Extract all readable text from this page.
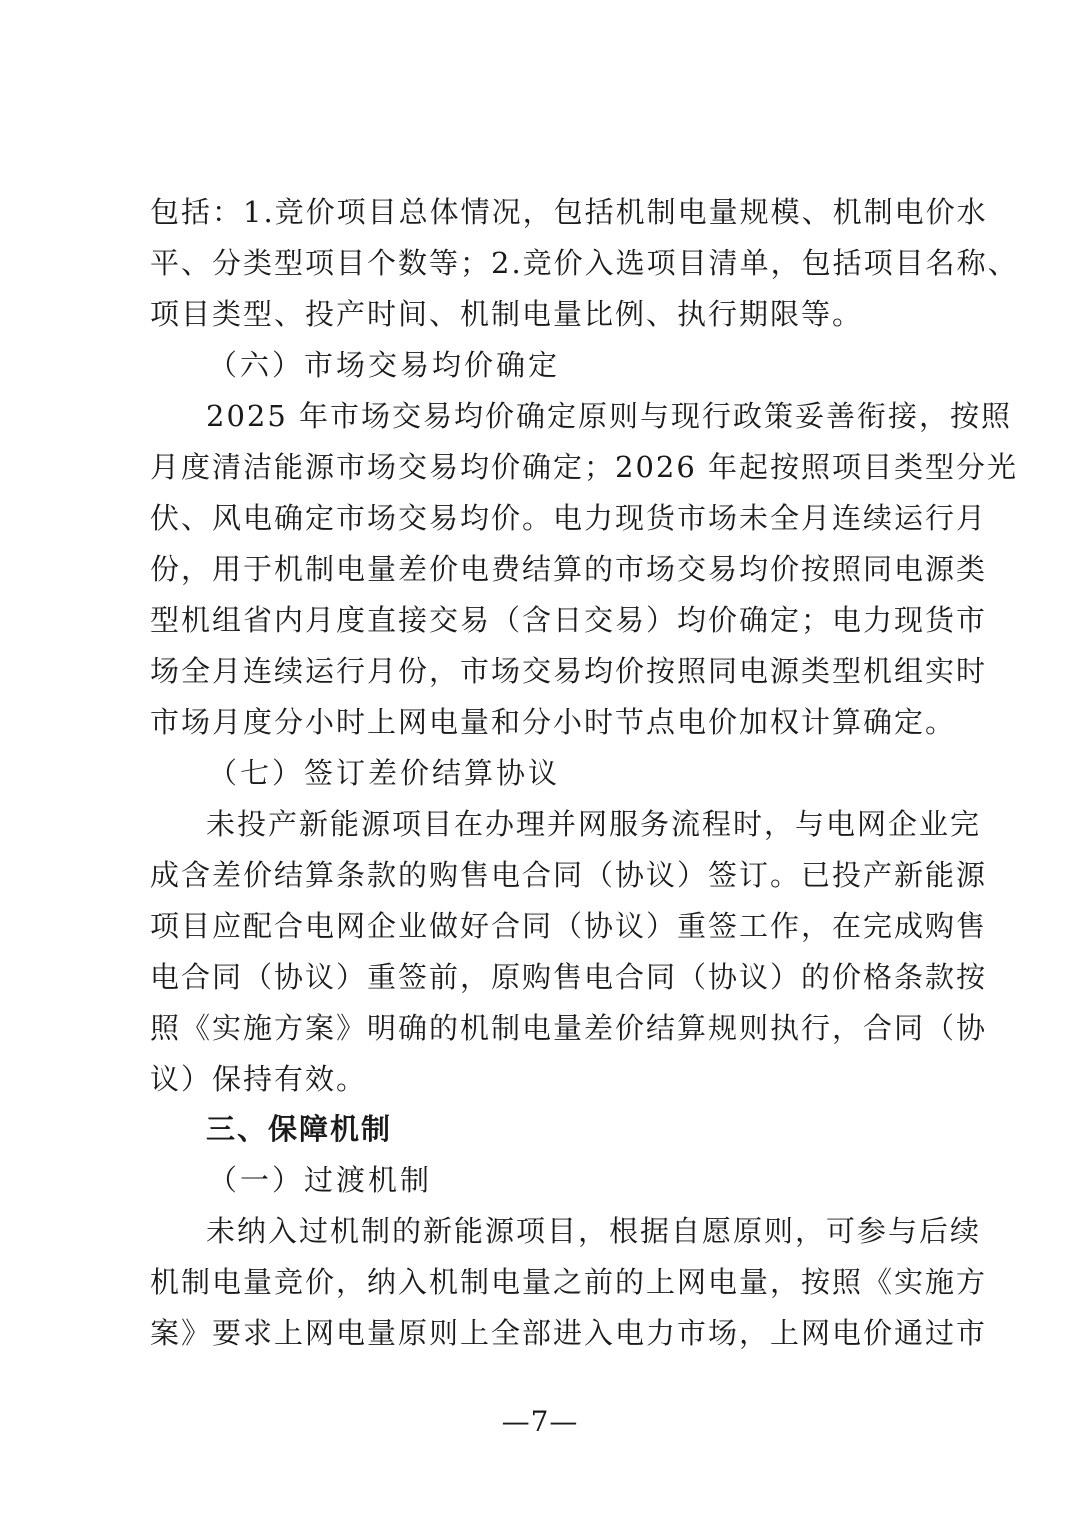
包括：1.竞价项目总体情况，包括机制电量规模、机制电价水
平、分类型项目个数等；2.竞价入选项目清单，包括项目名称、
项目类型、投产时间、机制电量比例、执行期限等。
（六）市场交易均价确定
2025 年市场交易均价确定原则与现行政策妥善衔接，按照
月度清洁能源市场交易均价确定；2026 年起按照项目类型分光
伏、风电确定市场交易均价。电力现货市场未全月连续运行月
份，用于机制电量差价电费结算的市场交易均价按照同电源类
型机组省内月度直接交易（含日交易）均价确定；电力现货市
场全月连续运行月份，市场交易均价按照同电源类型机组实时
市场月度分小时上网电量和分小时节点电价加权计算确定。
（七）签订差价结算协议
未投产新能源项目在办理并网服务流程时，与电网企业完
成含差价结算条款的购售电合同（协议）签订。已投产新能源
项目应配合电网企业做好合同（协议）重签工作，在完成购售
电合同（协议）重签前，原购售电合同（协议）的价格条款按
照《实施方案》明确的机制电量差价结算规则执行，合同（协
议）保持有效。
三、保障机制
（一）过渡机制
未纳入过机制的新能源项目，根据自愿原则，可参与后续
机制电量竞价，纳入机制电量之前的上网电量，按照《实施方
案》要求上网电量原则上全部进入电力市场，上网电价通过市
—7—
